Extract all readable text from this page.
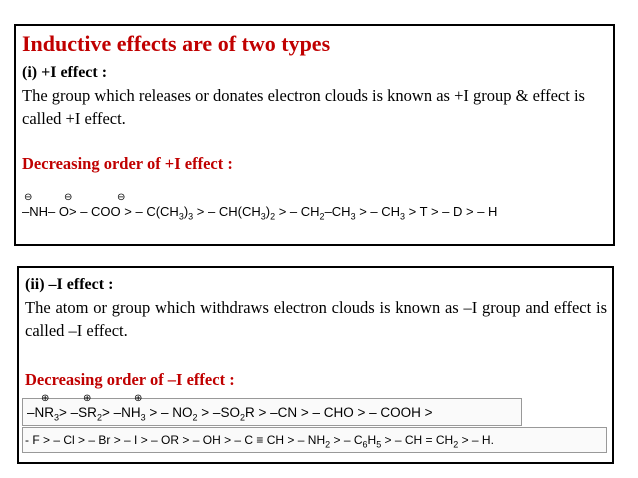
Inductive effects are of two types
(i) +I effect :
The group which releases or donates electron clouds is known as +I group & effect is called +I effect.
Decreasing order of +I effect :
⊖
–NH
⊖
– O
⊖
> – COO > – $C(CH_3)_3$ > – $CH(CH_3)_2$ > – $CH_2-CH_3$ > – $CH_3 > T$ > – D > – H
(ii) –I effect :
The atom or group which withdraws electron clouds is known as –I group and effect is called –I effect.
Decreasing order of –I effect :
⊕
$-NR_3$
⊕
> $-SR_2$
⊕
> $-NH_3$ > – $NO_2 > -SO_2R > -CN$ > – CHO > – COOH >
- F > – Cl > – Br > – I > – OR > – OH > – C ≡ CH > – $NH_2$ > – $C_6H_5$ > – CH = $CH_2$ > – H.
